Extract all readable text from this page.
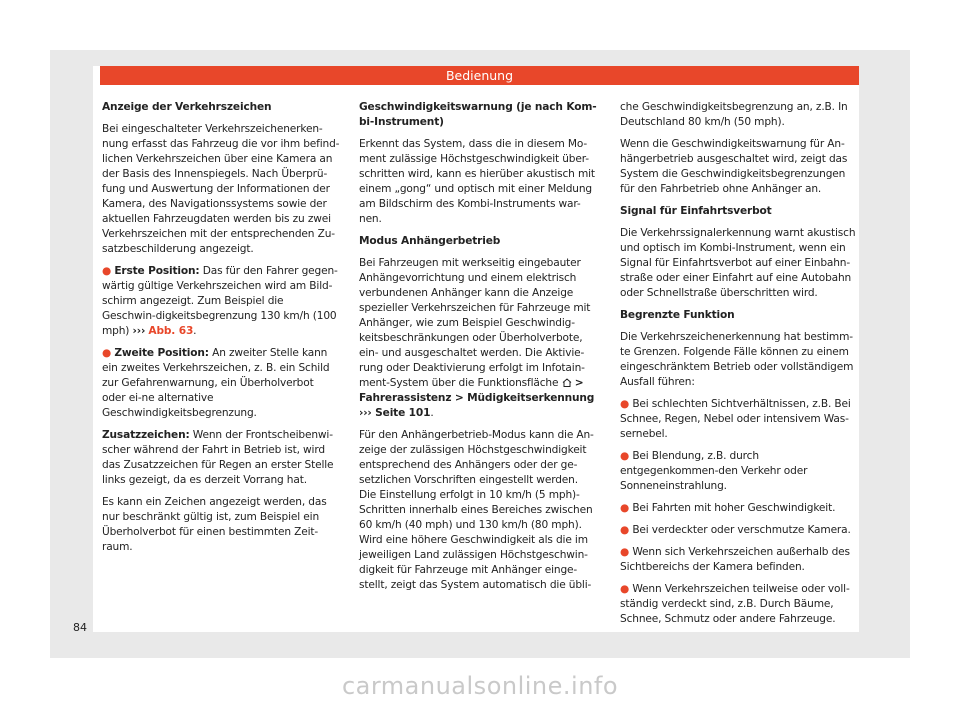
Bedienung

Anzeige der Verkehrszeichen

Bei eingeschalteter Verkehrszeichenerken-nung erfasst das Fahrzeug die vor ihm befind-lichen Verkehrszeichen über eine Kamera an der Basis des Innenspiegels. Nach Überprü-fung und Auswertung der Informationen der Kamera, des Navigationssystems sowie der aktuellen Fahrzeugdaten werden bis zu zwei Verkehrszeichen mit der entsprechenden Zu-satzbeschilderung angezeigt.

● Erste Position: Das für den Fahrer gegen-wärtig gültige Verkehrszeichen wird am Bild-schirm angezeigt. Zum Beispiel die Geschwin-digkeitsbegrenzung 130 km/h (100 mph) ››› Abb. 63.

● Zweite Position: An zweiter Stelle kann ein zweites Verkehrszeichen, z. B. ein Schild zur Gefahrenwarnung, ein Überholverbot oder ei-ne alternative Geschwindigkeitsbegrenzung.

Zusatzzeichen: Wenn der Frontscheibenwi-scher während der Fahrt in Betrieb ist, wird das Zusatzzeichen für Regen an erster Stelle links gezeigt, da es derzeit Vorrang hat.

Es kann ein Zeichen angezeigt werden, das nur beschränkt gültig ist, zum Beispiel ein Überholverbot für einen bestimmten Zeit-raum.

Geschwindigkeitswarnung (je nach Kom-bi-Instrument)

Erkennt das System, dass die in diesem Mo-ment zulässige Höchstgeschwindigkeit über-schritten wird, kann es hierüber akustisch mit einem „gong“ und optisch mit einer Meldung am Bildschirm des Kombi-Instruments war-nen.

Modus Anhängerbetrieb

Bei Fahrzeugen mit werkseitig eingebauter Anhängevorrichtung und einem elektrisch verbundenen Anhänger kann die Anzeige spezieller Verkehrszeichen für Fahrzeuge mit Anhänger, wie zum Beispiel Geschwindig-keitsbeschränkungen oder Überholverbote, ein- und ausgeschaltet werden. Die Aktivie-rung oder Deaktivierung erfolgt im Infotain-ment-System über die Funktionsfläche > Fahrerassistenz > Müdigkeitserkennung ››› Seite 101.

Für den Anhängerbetrieb-Modus kann die An-zeige der zulässigen Höchstgeschwindigkeit entsprechend des Anhängers oder der ge-setzlichen Vorschriften eingestellt werden. Die Einstellung erfolgt in 10 km/h (5 mph)-Schritten innerhalb eines Bereiches zwischen 60 km/h (40 mph) und 130 km/h (80 mph). Wird eine höhere Geschwindigkeit als die im jeweiligen Land zulässigen Höchstgeschwin-digkeit für Fahrzeuge mit Anhänger einge-stellt, zeigt das System automatisch die übli-

che Geschwindigkeitsbegrenzung an, z.B. In Deutschland 80 km/h (50 mph).

Wenn die Geschwindigkeitswarnung für An-hängerbetrieb ausgeschaltet wird, zeigt das System die Geschwindigkeitsbegrenzungen für den Fahrbetrieb ohne Anhänger an.

Signal für Einfahrtsverbot

Die Verkehrssignalerkennung warnt akustisch und optisch im Kombi-Instrument, wenn ein Signal für Einfahrtsverbot auf einer Einbahn-straße oder einer Einfahrt auf eine Autobahn oder Schnellstraße überschritten wird.

Begrenzte Funktion

Die Verkehrszeichenerkennung hat bestimm-te Grenzen. Folgende Fälle können zu einem eingeschränktem Betrieb oder vollständigem Ausfall führen:

● Bei schlechten Sichtverhältnissen, z.B. Bei Schnee, Regen, Nebel oder intensivem Was-sernebel.

● Bei Blendung, z.B. durch entgegenkommen-den Verkehr oder Sonneneinstrahlung.

● Bei Fahrten mit hoher Geschwindigkeit.

● Bei verdeckter oder verschmutze Kamera.

● Wenn sich Verkehrszeichen außerhalb des Sichtbereichs der Kamera befinden.

● Wenn Verkehrszeichen teilweise oder voll-ständig verdeckt sind, z.B. Durch Bäume, Schnee, Schmutz oder andere Fahrzeuge.

84
carmanualsonline.info
